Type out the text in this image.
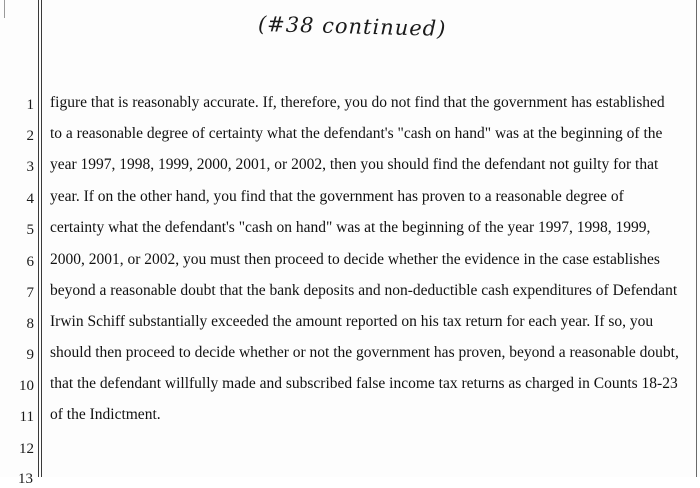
(#38 continued)
1 figure that is reasonably accurate. If, therefore, you do not find that the government has established
2 to a reasonable degree of certainty what the defendant's "cash on hand" was at the beginning of the
3 year 1997, 1998, 1999, 2000, 2001, or 2002, then you should find the defendant not guilty for that
4 year. If on the other hand, you find that the government has proven to a reasonable degree of
5 certainty what the defendant's "cash on hand" was at the beginning of the year 1997, 1998, 1999,
6 2000, 2001, or 2002, you must then proceed to decide whether the evidence in the case establishes
7 beyond a reasonable doubt that the bank deposits and non-deductible cash expenditures of Defendant
8 Irwin Schiff substantially exceeded the amount reported on his tax return for each year. If so, you
9 should then proceed to decide whether or not the government has proven, beyond a reasonable doubt,
10 that the defendant willfully made and subscribed false income tax returns as charged in Counts 18-23
11 of the Indictment.
12
13
